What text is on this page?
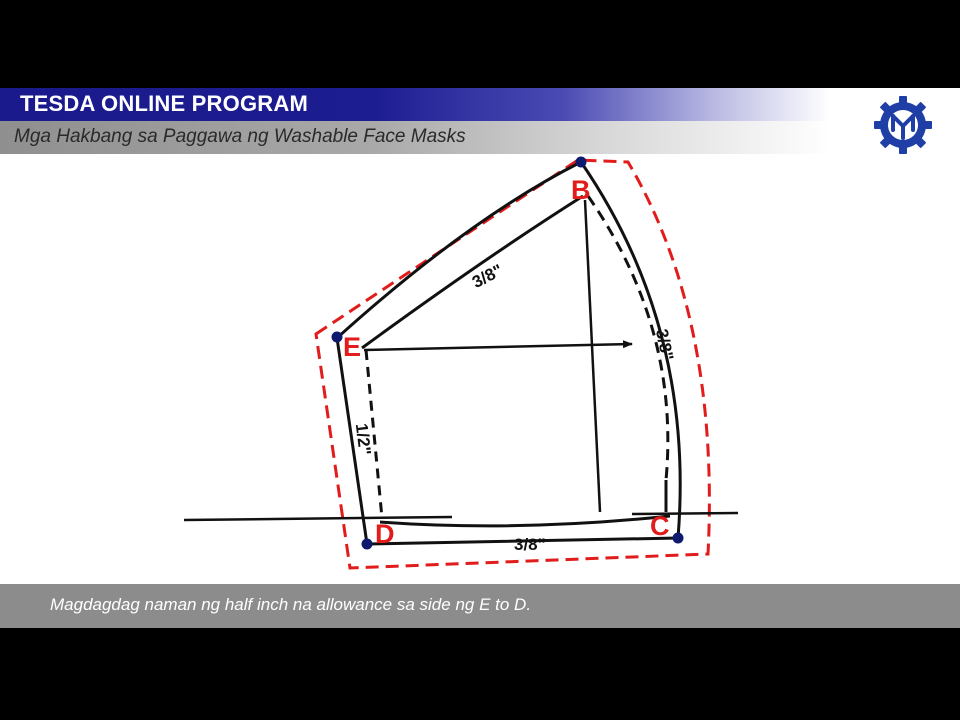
B
E
D	C
3/8"
3/8"
3/8"
1/2"
TESDA ONLINE PROGRAM
Mga Hakbang sa Paggawa ng Washable Face Masks
Magdagdag naman ng half inch na allowance sa side ng E to D.
